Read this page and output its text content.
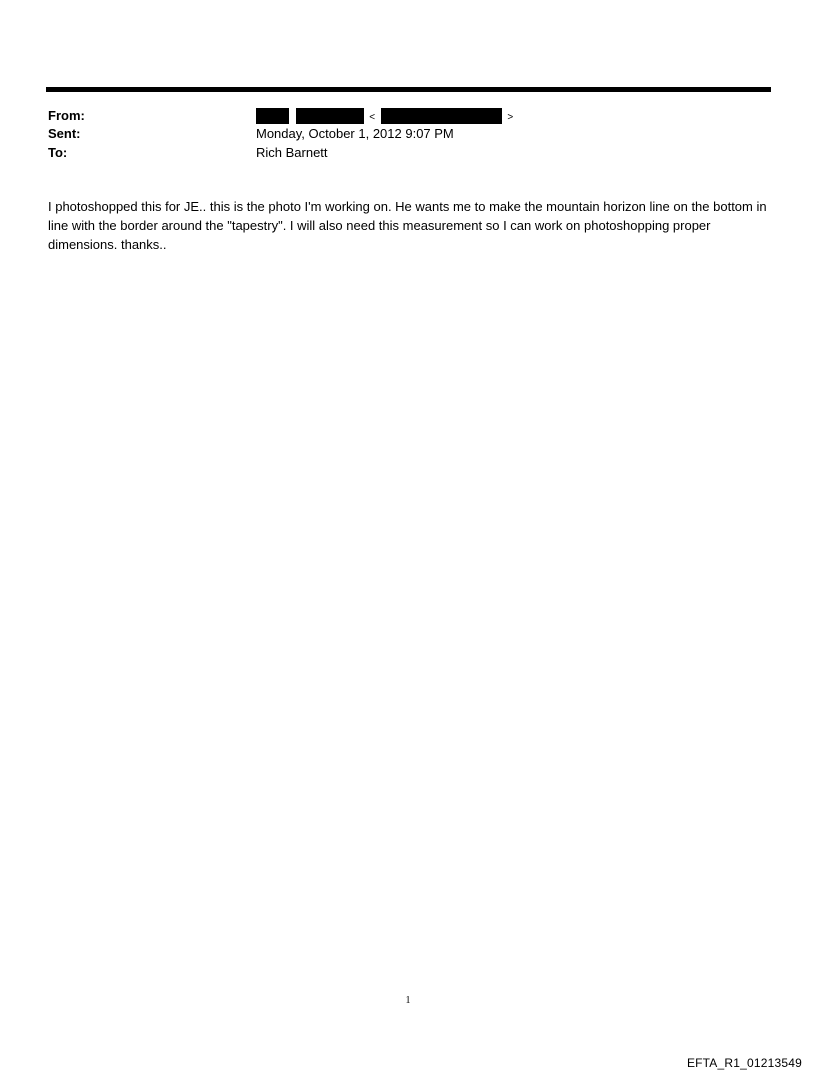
From:	<	>
Sent:	Monday, October 1, 2012 9:07 PM
To:	Rich Barnett

I photoshopped this for JE.. this is the photo I'm working on. He wants me to make the mountain horizon line on the bottom in line with the border around the "tapestry". I will also need this measurement so I can work on photoshopping proper dimensions. thanks..

1
EFTA_R1_01213549
